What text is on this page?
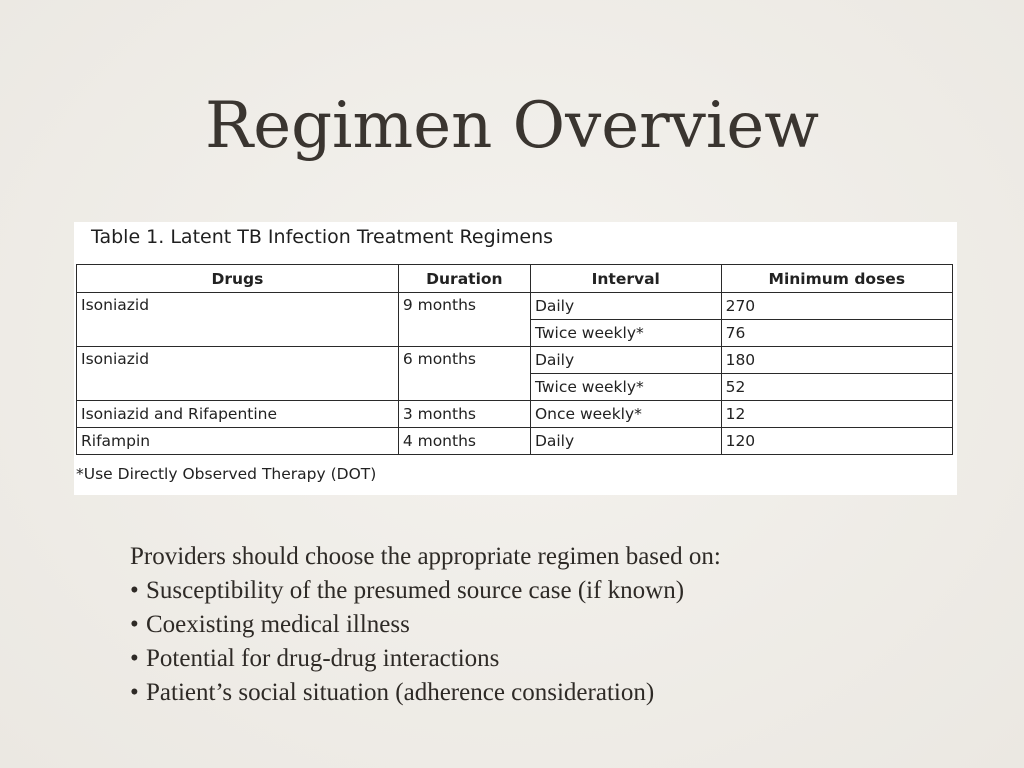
Regimen Overview
Table 1. Latent TB Infection Treatment Regimens
Drugs	Duration	Interval	Minimum doses
Isoniazid	9 months	Daily	270
		Twice weekly*	76
Isoniazid	6 months	Daily	180
		Twice weekly*	52
Isoniazid and Rifapentine	3 months	Once weekly*	12
Rifampin	4 months	Daily	120
*Use Directly Observed Therapy (DOT)

Providers should choose the appropriate regimen based on:

• Susceptibility of the presumed source case (if known)
• Coexisting medical illness
• Potential for drug-drug interactions
• Patient’s social situation (adherence consideration)
